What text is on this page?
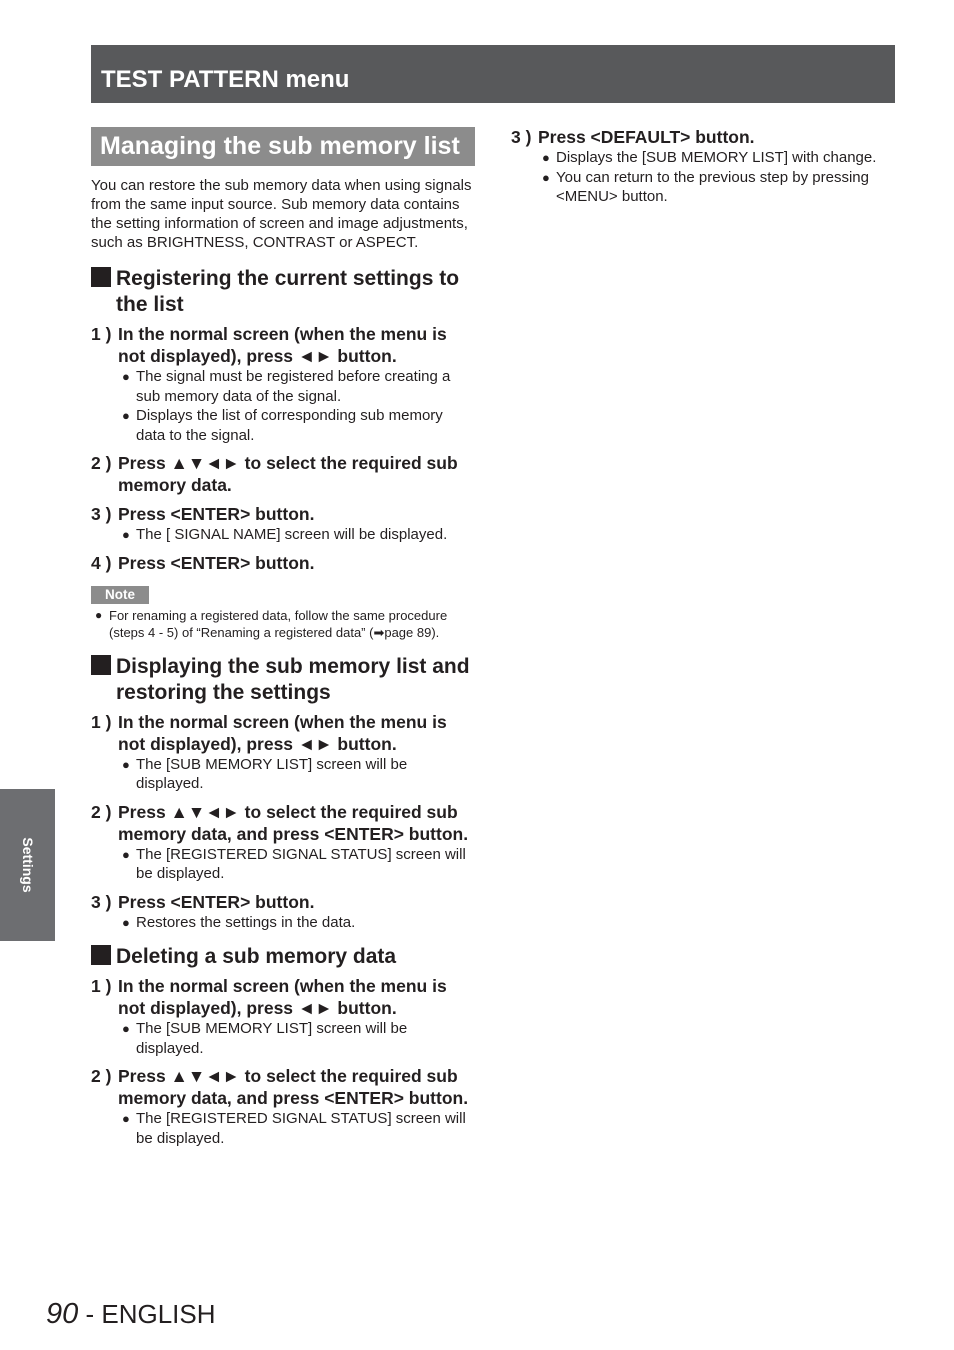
TEST PATTERN menu
Settings
Managing the sub memory list
You can restore the sub memory data when using signals from the same input source. Sub memory data contains the setting information of screen and image adjustments, such as BRIGHTNESS, CONTRAST or ASPECT.
Registering the current settings to the list
1 ) In the normal screen (when the menu is not displayed), press ◄► button.
● The signal must be registered before creating a sub memory data of the signal.
● Displays the list of corresponding sub memory data to the signal.
2 ) Press ▲▼◄► to select the required sub memory data.
3 ) Press <ENTER> button.
● The [ SIGNAL NAME] screen will be displayed.
4 ) Press <ENTER> button.
Note
● For renaming a registered data, follow the same procedure (steps 4 - 5) of “Renaming a registered data” (➡page 89).
Displaying the sub memory list and restoring the settings
1 ) In the normal screen (when the menu is not displayed), press ◄► button.
● The [SUB MEMORY LIST] screen will be displayed.
2 ) Press ▲▼◄► to select the required sub memory data, and press <ENTER> button.
● The [REGISTERED SIGNAL STATUS] screen will be displayed.
3 ) Press <ENTER> button.
● Restores the settings in the data.
Deleting a sub memory data
1 ) In the normal screen (when the menu is not displayed), press ◄► button.
● The [SUB MEMORY LIST] screen will be displayed.
2 ) Press ▲▼◄► to select the required sub memory data, and press <ENTER> button.
● The [REGISTERED SIGNAL STATUS] screen will be displayed.
3 ) Press <DEFAULT> button.
● Displays the [SUB MEMORY LIST] with change.
● You can return to the previous step by pressing <MENU> button.
90 - ENGLISH
